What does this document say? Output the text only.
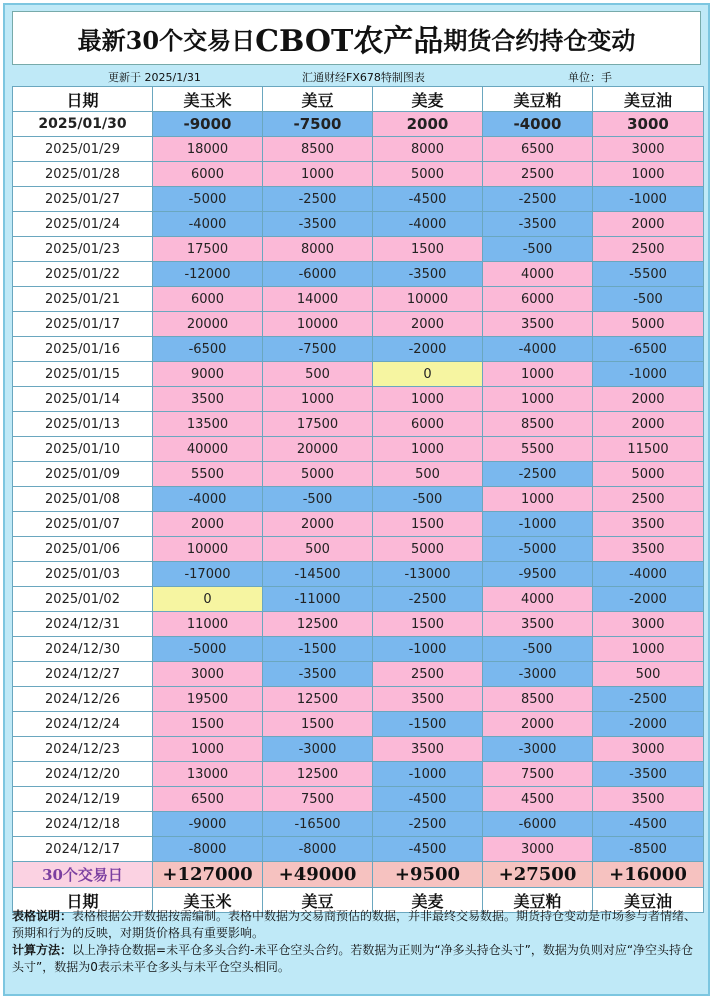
最新30个交易日 CBOT农产品 期货合约持仓变动
更新于 2025/1/31	汇通财经FX678特制图表	单位：手
日期	美玉米	美豆	美麦	美豆粕	美豆油
2025/01/30	-9000	-7500	2000	-4000	3000
2025/01/29	18000	8500	8000	6500	3000
2025/01/28	6000	1000	5000	2500	1000
2025/01/27	-5000	-2500	-4500	-2500	-1000
2025/01/24	-4000	-3500	-4000	-3500	2000
2025/01/23	17500	8000	1500	-500	2500
2025/01/22	-12000	-6000	-3500	4000	-5500
2025/01/21	6000	14000	10000	6000	-500
2025/01/17	20000	10000	2000	3500	5000
2025/01/16	-6500	-7500	-2000	-4000	-6500
2025/01/15	9000	500	0	1000	-1000
2025/01/14	3500	1000	1000	1000	2000
2025/01/13	13500	17500	6000	8500	2000
2025/01/10	40000	20000	1000	5500	11500
2025/01/09	5500	5000	500	-2500	5000
2025/01/08	-4000	-500	-500	1000	2500
2025/01/07	2000	2000	1500	-1000	3500
2025/01/06	10000	500	5000	-5000	3500
2025/01/03	-17000	-14500	-13000	-9500	-4000
2025/01/02	0	-11000	-2500	4000	-2000
2024/12/31	11000	12500	1500	3500	3000
2024/12/30	-5000	-1500	-1000	-500	1000
2024/12/27	3000	-3500	2500	-3000	500
2024/12/26	19500	12500	3500	8500	-2500
2024/12/24	1500	1500	-1500	2000	-2000
2024/12/23	1000	-3000	3500	-3000	3000
2024/12/20	13000	12500	-1000	7500	-3500
2024/12/19	6500	7500	-4500	4500	3500
2024/12/18	-9000	-16500	-2500	-6000	-4500
2024/12/17	-8000	-8000	-4500	3000	-8500
30个交易日	+127000	+49000	+9500	+27500	+16000
日期	美玉米	美豆	美麦	美豆粕	美豆油

表格说明：表格根据公开数据按需编制。表格中数据为交易商预估的数据，并非最终交易数据。期货持仓变动是市场参与者情绪、预期和行为的反映，对期货价格具有重要影响。

计算方法：以上净持仓数据=未平仓多头合约-未平仓空头合约。若数据为正则为“净多头持仓头寸”，数据为负则对应“净空头持仓头寸”，数据为0表示未平仓多头与未平仓空头相同。
